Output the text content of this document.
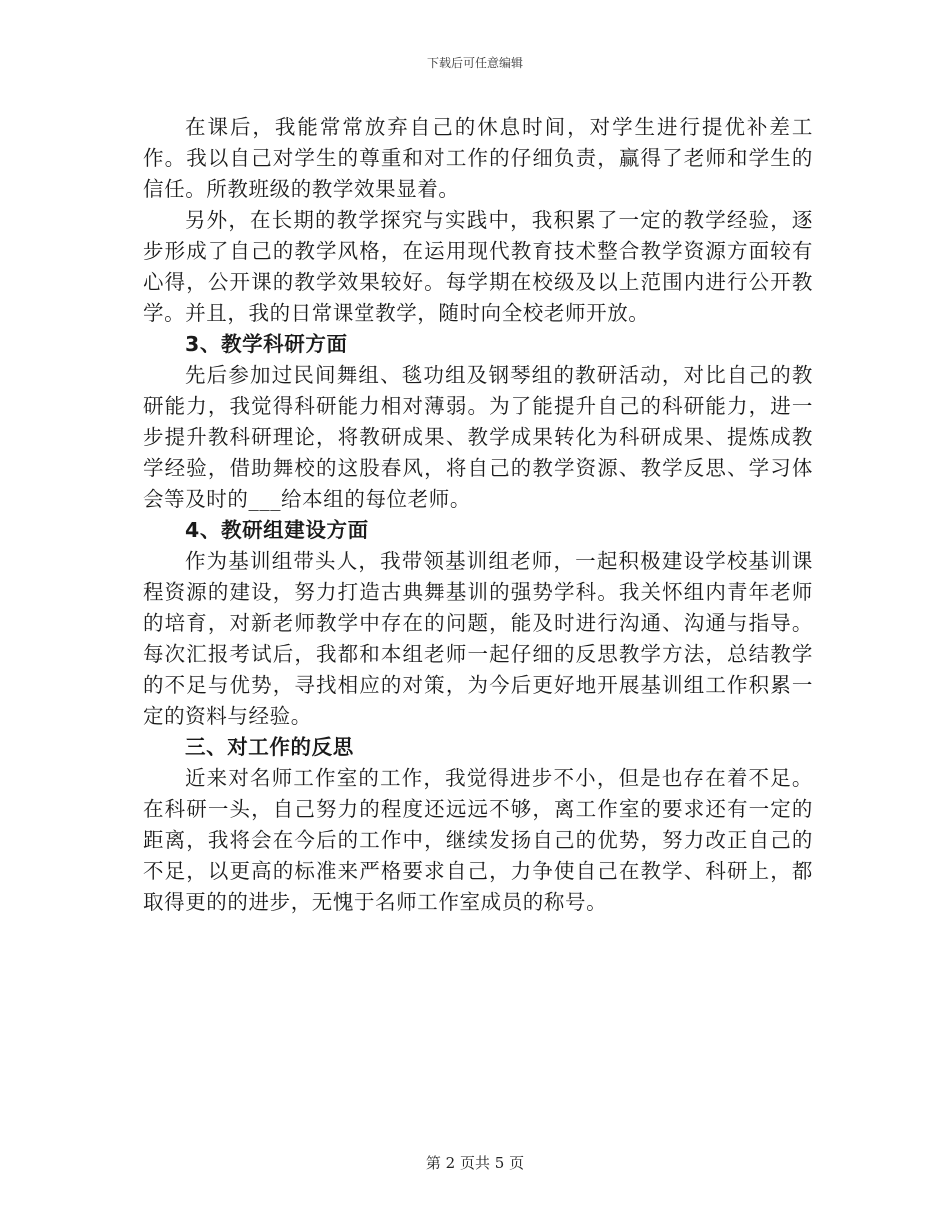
下载后可任意编辑

在课后，我能常常放弃自己的休息时间，对学生进行提优补差工作。我以自己对学生的尊重和对工作的仔细负责，赢得了老师和学生的信任。所教班级的教学效果显着。

另外，在长期的教学探究与实践中，我积累了一定的教学经验，逐步形成了自己的教学风格，在运用现代教育技术整合教学资源方面较有心得，公开课的教学效果较好。每学期在校级及以上范围内进行公开教学。并且，我的日常课堂教学，随时向全校老师开放。

3、教学科研方面

先后参加过民间舞组、毯功组及钢琴组的教研活动，对比自己的教研能力，我觉得科研能力相对薄弱。为了能提升自己的科研能力，进一步提升教科研理论，将教研成果、教学成果转化为科研成果、提炼成教学经验，借助舞校的这股春风，将自己的教学资源、教学反思、学习体会等及时的___给本组的每位老师。

4、教研组建设方面

作为基训组带头人，我带领基训组老师，一起积极建设学校基训课程资源的建设，努力打造古典舞基训的强势学科。我关怀组内青年老师的培育，对新老师教学中存在的问题，能及时进行沟通、沟通与指导。每次汇报考试后，我都和本组老师一起仔细的反思教学方法，总结教学的不足与优势，寻找相应的对策，为今后更好地开展基训组工作积累一定的资料与经验。

三、对工作的反思

近来对名师工作室的工作，我觉得进步不小，但是也存在着不足。在科研一头，自己努力的程度还远远不够，离工作室的要求还有一定的距离，我将会在今后的工作中，继续发扬自己的优势，努力改正自己的不足，以更高的标准来严格要求自己，力争使自己在教学、科研上，都取得更的的进步，无愧于名师工作室成员的称号。

第 2 页共 5 页
